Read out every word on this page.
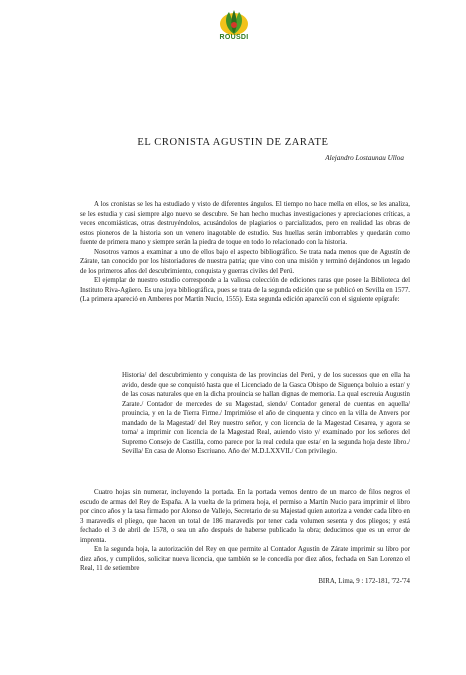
ROUSDI
EL CRONISTA AGUSTIN DE ZARATE
Alejandro Lostaunau Ulloa

A los cronistas se les ha estudiado y visto de diferentes ángulos. El tiempo no hace mella en ellos, se les analiza, se les estudia y casi siempre algo nuevo se descubre. Se han hecho muchas investigaciones y apreciaciones críticas, a veces encomiásticas, otras destruyéndolos, acusándolos de plagiarios o parcializados, pero en realidad las obras de estos pioneros de la historia son un venero inagotable de estudio. Sus huellas serán imborrables y quedarán como fuente de primera mano y siempre serán la piedra de toque en todo lo relacionado con la historia.

Nosotros vamos a examinar a uno de ellos bajo el aspecto bibliográfico. Se trata nada menos que de Agustín de Zárate, tan conocido por los historiadores de nuestra patria; que vino con una misión y terminó dejándonos un legado de los primeros años del descubrimiento, conquista y guerras civiles del Perú.

El ejemplar de nuestro estudio corresponde a la valiosa colección de ediciones raras que posee la Biblioteca del Instituto Riva-Agüero. Es una joya bibliográfica, pues se trata de la segunda edición que se publicó en Sevilla en 1577. (La primera apareció en Amberes por Martín Nucio, 1555). Esta segunda edición aparecíó con el siguiente epígrafe:

Historia/ del descubrimiento y conquista de las provincias del Perú, y de los sucessos que en ella ha avido, desde que se conquistó hasta que el Licenciado de la Gasca Obispo de Siguença boluio a estar/ y de las cosas naturales que en la dicha prouincia se hallan dignas de memoria. La qual escreuia Augustin Zarate./ Contador de mercedes de su Magestad, siendo/ Contador general de cuentas en aquella/ prouincia, y en la de Tierra Firme./ Imprimióse el año de cinquenta y cinco en la villa de Anvers por mandado de la Magestad/ del Rey nuestro señor, y con licencia de la Magestad Cesarea, y agora se torna/ a imprimir con licencia de la Magestad Real, auiendo visto y/ examinado por los señores del Supremo Consejo de Castilla, como parece por la real cedula que esta/ en la segunda hoja deste libro./ Sevilla/ En casa de Alonso Escriuano. Año de/ M.D.LXXVII./ Con privilegio.

Cuatro hojas sin numerar, incluyendo la portada. En la portada vemos dentro de un marco de filos negros el escudo de armas del Rey de España. A la vuelta de la primera hoja, el permiso a Martín Nucio para imprimir el libro por cinco años y la tasa firmado por Alonso de Vallejo, Secretario de su Majestad quien autoriza a vender cada libro en 3 maravedís el pliego, que hacen un total de 186 maravedís por tener cada volumen sesenta y dos pliegos; y está fechado el 3 de abril de 1578, o sea un año después de haberse publicado la obra; deducimos que es un error de imprenta.

En la segunda hoja, la autorización del Rey en que permite al Contador Agustín de Zárate imprimir su libro por diez años, y cumplidos, solicitar nueva licencia, que también se le concedía por diez años, fechada en San Lorenzo el Real, 11 de setiembre

BIRA, Lima, 9 : 172-181, '72-'74
